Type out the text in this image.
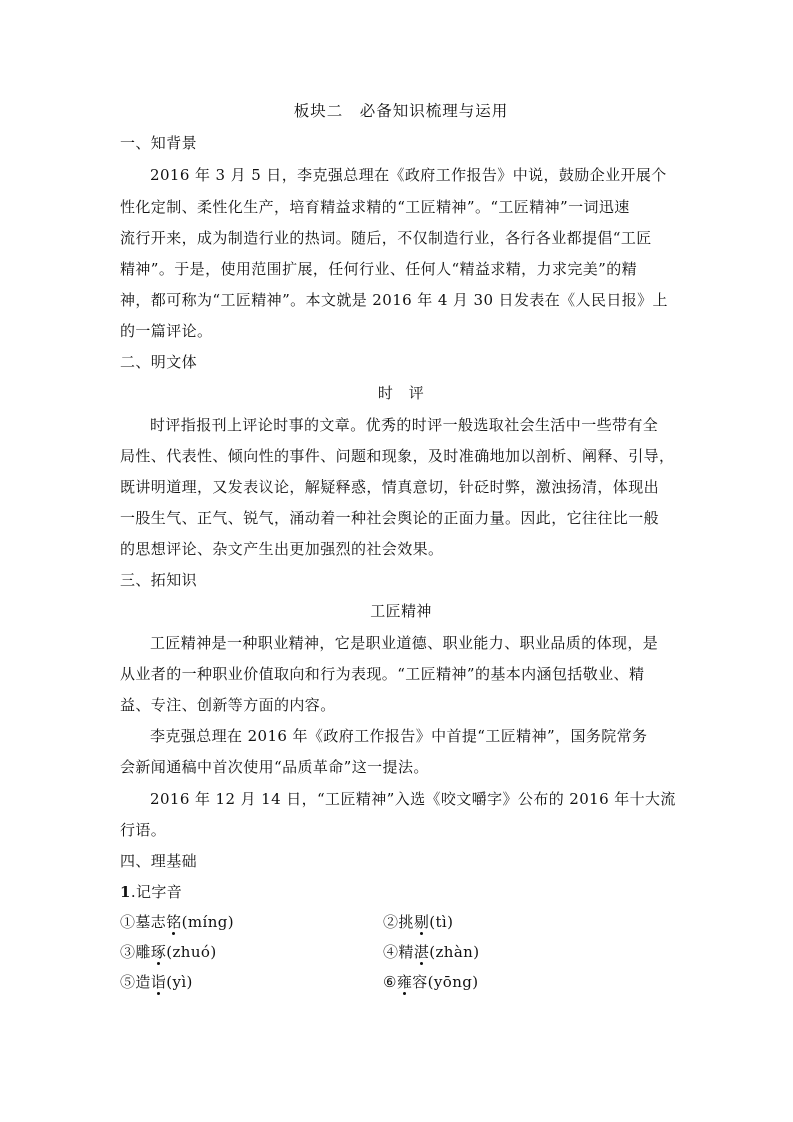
板块二　必备知识梳理与运用
一、知背景
2016 年 3 月 5 日，李克强总理在《政府工作报告》中说，鼓励企业开展个
性化定制、柔性化生产，培育精益求精的“工匠精神”。“工匠精神”一词迅速
流行开来，成为制造行业的热词。随后，不仅制造行业，各行各业都提倡“工匠
精神”。于是，使用范围扩展，任何行业、任何人“精益求精，力求完美”的精
神，都可称为“工匠精神”。本文就是 2016 年 4 月 30 日发表在《人民日报》上
的一篇评论。
二、明文体
时　评
时评指报刊上评论时事的文章。优秀的时评一般选取社会生活中一些带有全
局性、代表性、倾向性的事件、问题和现象，及时准确地加以剖析、阐释、引导，
既讲明道理，又发表议论，解疑释惑，情真意切，针砭时弊，激浊扬清，体现出
一股生气、正气、锐气，涌动着一种社会舆论的正面力量。因此，它往往比一般
的思想评论、杂文产生出更加强烈的社会效果。
三、拓知识
工匠精神
工匠精神是一种职业精神，它是职业道德、职业能力、职业品质的体现，是
从业者的一种职业价值取向和行为表现。“工匠精神”的基本内涵包括敬业、精
益、专注、创新等方面的内容。
李克强总理在 2016 年《政府工作报告》中首提“工匠精神”，国务院常务
会新闻通稿中首次使用“品质革命”这一提法。
2016 年 12 月 14 日，“工匠精神”入选《咬文嚼字》公布的 2016 年十大流
行语。
四、理基础
1.记字音
①墓志铭(míng)	②挑剔(tì)
③雕琢(zhuó)	④精湛(zhàn)
⑤造诣(yì)	⑥雍容(yōng)
